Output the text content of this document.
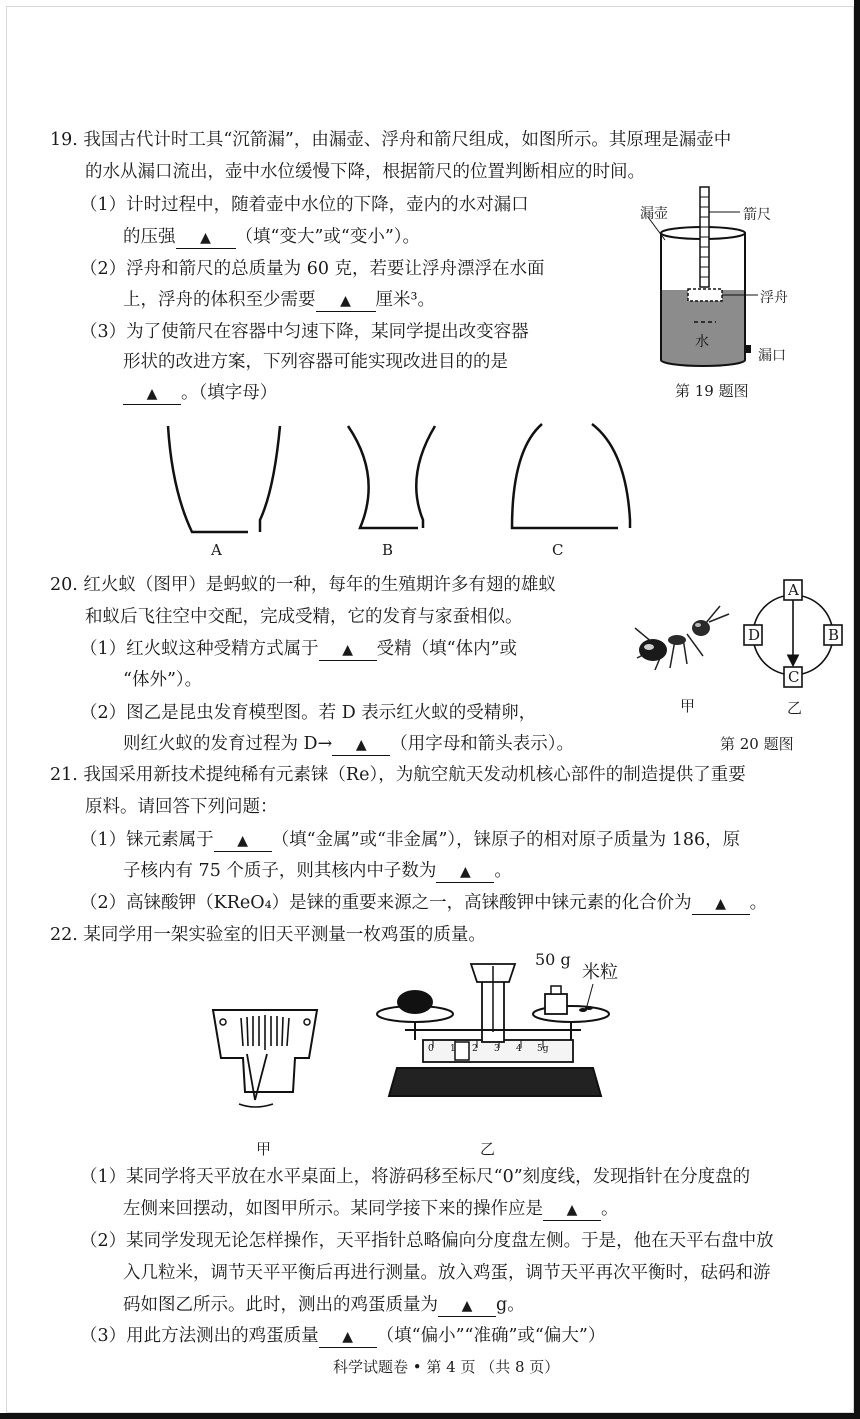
19. 我国古代计时工具“沉箭漏”，由漏壶、浮舟和箭尺组成，如图所示。其原理是漏壶中
的水从漏口流出，壶中水位缓慢下降，根据箭尺的位置判断相应的时间。
（1）计时过程中，随着壶中水位的下降，壶内的水对漏口
的压强 ▲ （填“变大”或“变小”）。
（2）浮舟和箭尺的总质量为 60 克，若要让浮舟漂浮在水面
上，浮舟的体积至少需要 ▲ 厘米³。
（3）为了使箭尺在容器中匀速下降，某同学提出改变容器
形状的改进方案，下列容器可能实现改进目的的是
▲ 。（填字母）
漏壶	箭尺
浮舟
水
漏口
第 19 题图
A	B	C
20. 红火蚁（图甲）是蚂蚁的一种，每年的生殖期许多有翅的雄蚁
和蚁后飞往空中交配，完成受精，它的发育与家蚕相似。
（1）红火蚁这种受精方式属于 ▲ 受精（填“体内”或
“体外”）。
（2）图乙是昆虫发育模型图。若 D 表示红火蚁的受精卵，
则红火蚁的发育过程为 D→ ▲ （用字母和箭头表示）。
甲
A
B
C
D
乙
第 20 题图
21. 我国采用新技术提纯稀有元素铼（Re），为航空航天发动机核心部件的制造提供了重要
原料。请回答下列问题：
（1）铼元素属于 ▲ （填“金属”或“非金属”），铼原子的相对原子质量为 186，原
子核内有 75 个质子，则其核内中子数为 ▲ 。
（2）高铼酸钾（KReO₄）是铼的重要来源之一，高铼酸钾中铼元素的化合价为 ▲ 。
22. 某同学用一架实验室的旧天平测量一枚鸡蛋的质量。
甲
50 g
米粒
0 1 2 3 4 5g
乙
（1）某同学将天平放在水平桌面上，将游码移至标尺“0”刻度线，发现指针在分度盘的
左侧来回摆动，如图甲所示。某同学接下来的操作应是 ▲ 。
（2）某同学发现无论怎样操作，天平指针总略偏向分度盘左侧。于是，他在天平右盘中放
入几粒米，调节天平平衡后再进行测量。放入鸡蛋，调节天平再次平衡时，砝码和游
码如图乙所示。此时，测出的鸡蛋质量为 ▲ g。
（3）用此方法测出的鸡蛋质量 ▲ （填“偏小”“准确”或“偏大”）
科学试题卷 • 第 4 页 （共 8 页）
